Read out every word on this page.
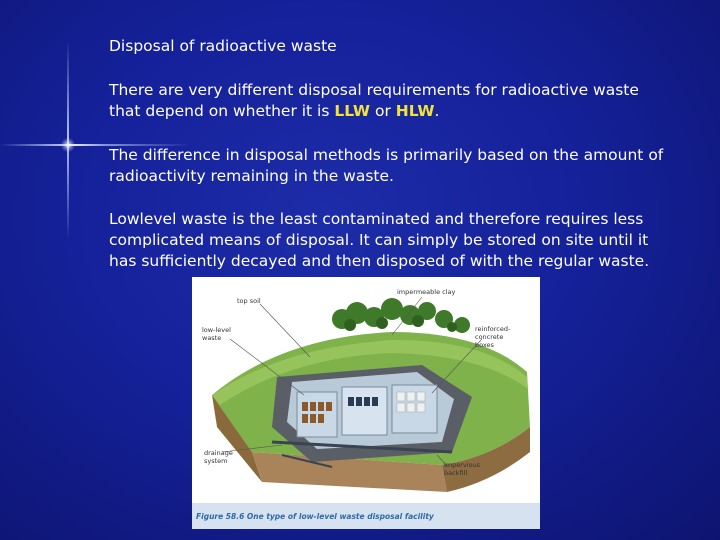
Disposal of radioactive waste
There are very different disposal requirements for radioactive waste
that depend on whether it is LLW or HLW.
The difference in disposal methods is primarily based on the amount of
radioactivity remaining in the waste.
Lowlevel waste is the least contaminated and therefore requires less
complicated means of disposal. It can simply be stored on site until it
has sufficiently decayed and then disposed of with the regular waste.
top soil
impermeable clay
low-level
waste
reinforced-
concrete
boxes
drainage
system	impervious
backfill
Figure 58.6 One type of low-level waste disposal facility
